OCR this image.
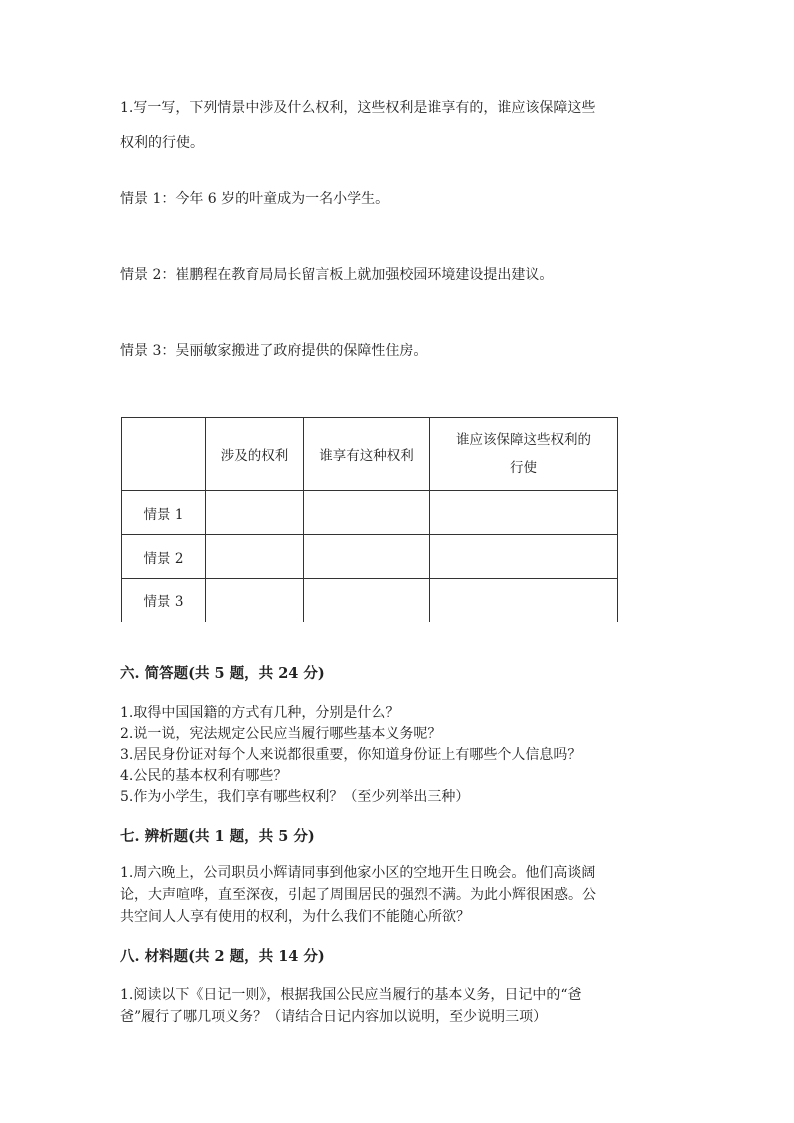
1.写一写，下列情景中涉及什么权利，这些权利是谁享有的，谁应该保障这些
权利的行使。
情景 1：今年 6 岁的叶童成为一名小学生。
情景 2：崔鹏程在教育局局长留言板上就加强校园环境建设提出建议。
情景 3：吴丽敏家搬进了政府提供的保障性住房。
	涉及的权利	谁享有这种权利	谁应该保障这些权利的
行使
情景 1			
情景 2			
情景 3			
六. 简答题(共 5 题，共 24 分)
1.取得中国国籍的方式有几种，分别是什么？
2.说一说，宪法规定公民应当履行哪些基本义务呢？
3.居民身份证对每个人来说都很重要，你知道身份证上有哪些个人信息吗？
4.公民的基本权利有哪些？
5.作为小学生，我们享有哪些权利？（至少列举出三种）
七. 辨析题(共 1 题，共 5 分)
1.周六晚上，公司职员小辉请同事到他家小区的空地开生日晚会。他们高谈阔
论，大声喧哗，直至深夜，引起了周围居民的强烈不满。为此小辉很困惑。公
共空间人人享有使用的权利，为什么我们不能随心所欲？
八. 材料题(共 2 题，共 14 分)
1.阅读以下《日记一则》，根据我国公民应当履行的基本义务，日记中的“爸
爸”履行了哪几项义务？（请结合日记内容加以说明，至少说明三项）
